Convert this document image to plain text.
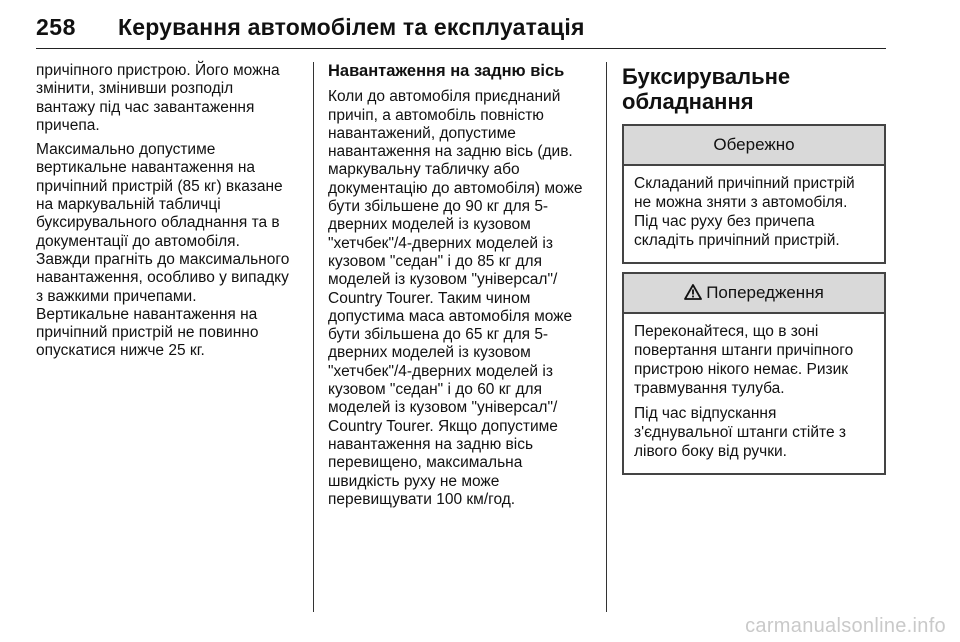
258 Керування автомобілем та експлуатація

причіпного пристрою. Його можна
змінити, змінивши розподіл
вантажу під час завантаження
причепа.

Максимально допустиме
вертикальне навантаження на
причіпний пристрій (85 кг) вказане
на маркувальній табличці
буксирувального обладнання та в
документації до автомобіля.
Завжди прагніть до максимального
навантаження, особливо у випадку
з важкими причепами.
Вертикальне навантаження на
причіпний пристрій не повинно
опускатися нижче 25 кг.

Навантаження на задню вісь

Коли до автомобіля приєднаний
причіп, а автомобіль повністю
навантажений, допустиме
навантаження на задню вісь (див.
маркувальну табличку або
документацію до автомобіля) може
бути збільшене до 90 кг для 5-
дверних моделей із кузовом
"хетчбек"/4-дверних моделей із
кузовом "седан" і до 85 кг для
моделей із кузовом "універсал"/
Country Tourer. Таким чином
допустима маса автомобіля може
бути збільшена до 65 кг для 5-
дверних моделей із кузовом
"хетчбек"/4-дверних моделей із
кузовом "седан" і до 60 кг для
моделей із кузовом "універсал"/
Country Tourer. Якщо допустиме
навантаження на задню вісь
перевищено, максимальна
швидкість руху не може
перевищувати 100 км/год.

Буксирувальне
обладнання
Обережно

Складаний причіпний пристрій
не можна зняти з автомобіля.
Під час руху без причепа
складіть причіпний пристрій.

Попередження

Переконайтеся, що в зоні
повертання штанги причіпного
пристрою нікого немає. Ризик
травмування тулуба.

Під час відпускання
з'єднувальної штанги стійте з
лівого боку від ручки.

carmanualsonline.info
